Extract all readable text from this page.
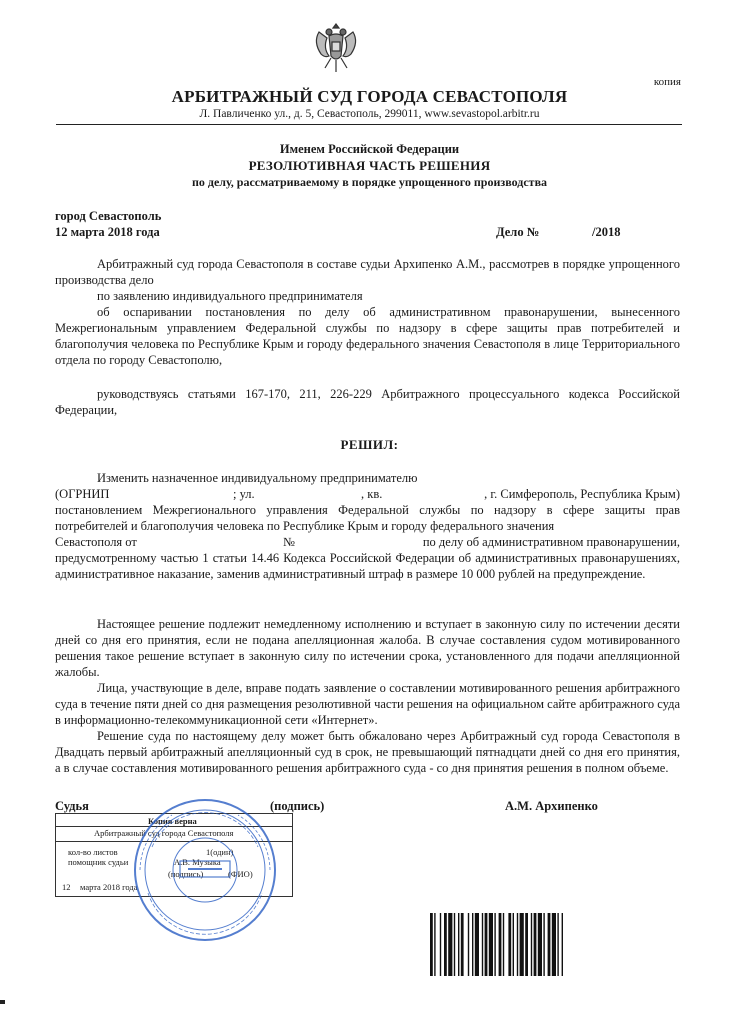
копия
АРБИТРАЖНЫЙ СУД ГОРОДА СЕВАСТОПОЛЯ
Л. Павличенко ул., д. 5, Севастополь, 299011, www.sevastopol.arbitr.ru
Именем Российской Федерации
РЕЗОЛЮТИВНАЯ ЧАСТЬ РЕШЕНИЯ
по делу, рассматриваемому в порядке упрощенного производства
город Севастополь
12 марта 2018 года	Дело №	/2018

Арбитражный суд города Севастополя в составе судьи Архипенко А.М., рассмотрев в порядке упрощенного производства дело

по заявлению индивидуального предпринимателя

об оспаривании постановления по делу об административном правонарушении, вынесенного Межрегиональным управлением Федеральной службы по надзору в сфере защиты прав потребителей и благополучия человека по Республике Крым и городу федерального значения Севастополя в лице Территориального отдела по городу Севастополю,

руководствуясь статьями 167-170, 211, 226-229 Арбитражного процессуального кодекса Российской Федерации,

РЕШИЛ:

Изменить назначенное индивидуальному предпринимателю

(ОГРНИП	; ул.	, кв.	, г. Симферополь, Республика Крым)

постановлением Межрегионального управления Федеральной службы по надзору в сфере защиты прав потребителей и благополучия человека по Республике Крым и городу федерального значения

Севастополя от	№	по делу об административном правонарушении,

предусмотренному частью 1 статьи 14.46 Кодекса Российской Федерации об административных правонарушениях, административное наказание, заменив административный штраф в размере 10 000 рублей на предупреждение.

Настоящее решение подлежит немедленному исполнению и вступает в законную силу по истечении десяти дней со дня его принятия, если не подана апелляционная жалоба. В случае составления судом мотивированного решения такое решение вступает в законную силу по истечении срока, установленного для подачи апелляционной жалобы.

Лица, участвующие в деле, вправе подать заявление о составлении мотивированного решения арбитражного суда в течение пяти дней со дня размещения резолютивной части решения на официальном сайте арбитражного суда в информационно-телекоммуникационной сети «Интернет».

Решение суда по настоящему делу может быть обжаловано через Арбитражный суд города Севастополя в Двадцать первый арбитражный апелляционный суд в срок, не превышающий пятнадцати дней со дня его принятия, а в случае составления мотивированного решения арбитражного суда - со дня принятия решения в полном объеме.

Судья	(подпись)	А.М. Архипенко
Копия верна
Арбитражный суд города Севастополя
кол-во листов	1(один)
помощник судьи	А.В. Музыка
(подпись)	(ФИО)
12 марта 2018 года
